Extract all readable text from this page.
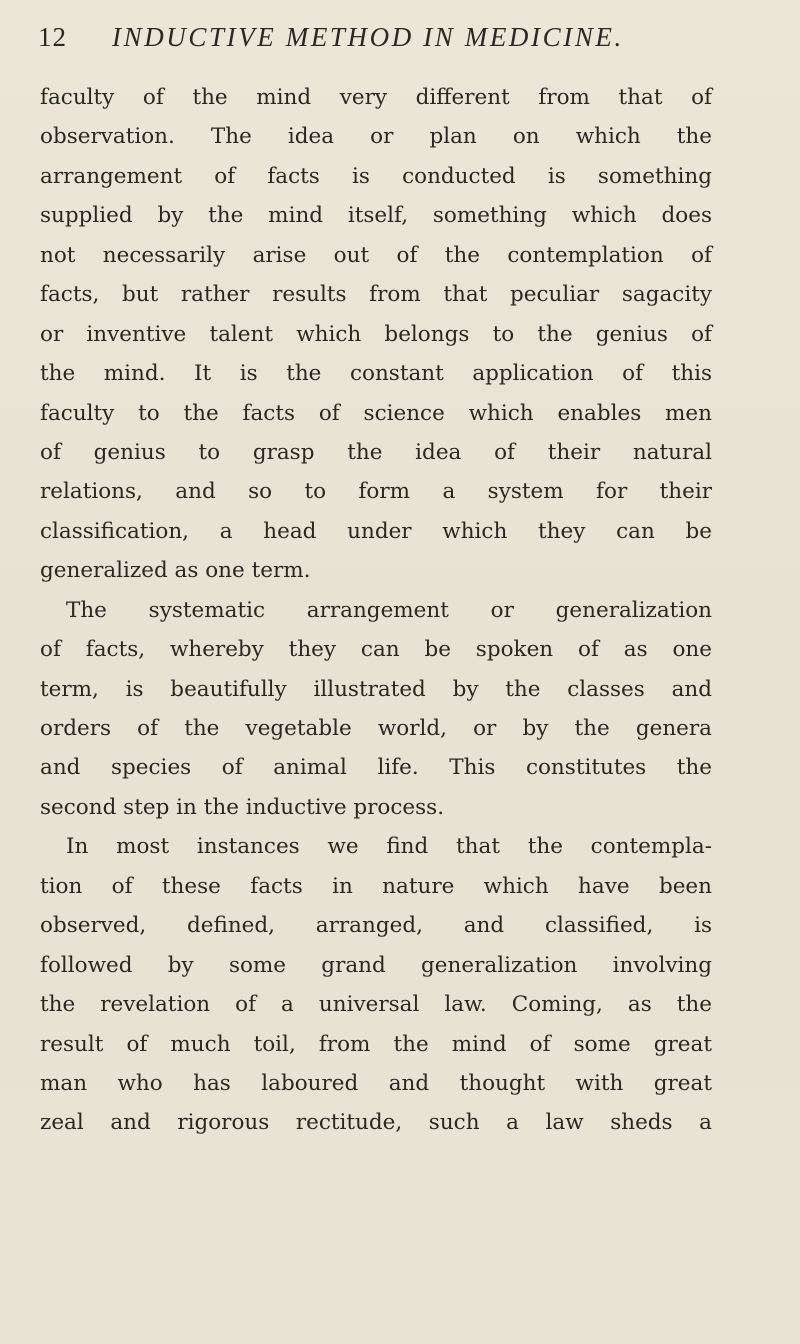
12 INDUCTIVE METHOD IN MEDICINE.
faculty of the mind very different from that of
observation. The idea or plan on which the
arrangement of facts is conducted is something
supplied by the mind itself, something which does
not necessarily arise out of the contemplation of
facts, but rather results from that peculiar sagacity
or inventive talent which belongs to the genius of
the mind. It is the constant application of this
faculty to the facts of science which enables men
of genius to grasp the idea of their natural
relations, and so to form a system for their
classification, a head under which they can be
generalized as one term.
The systematic arrangement or generalization
of facts, whereby they can be spoken of as one
term, is beautifully illustrated by the classes and
orders of the vegetable world, or by the genera
and species of animal life. This constitutes the
second step in the inductive process.
In most instances we find that the contempla-
tion of these facts in nature which have been
observed, defined, arranged, and classified, is
followed by some grand generalization involving
the revelation of a universal law. Coming, as the
result of much toil, from the mind of some great
man who has laboured and thought with great
zeal and rigorous rectitude, such a law sheds a
